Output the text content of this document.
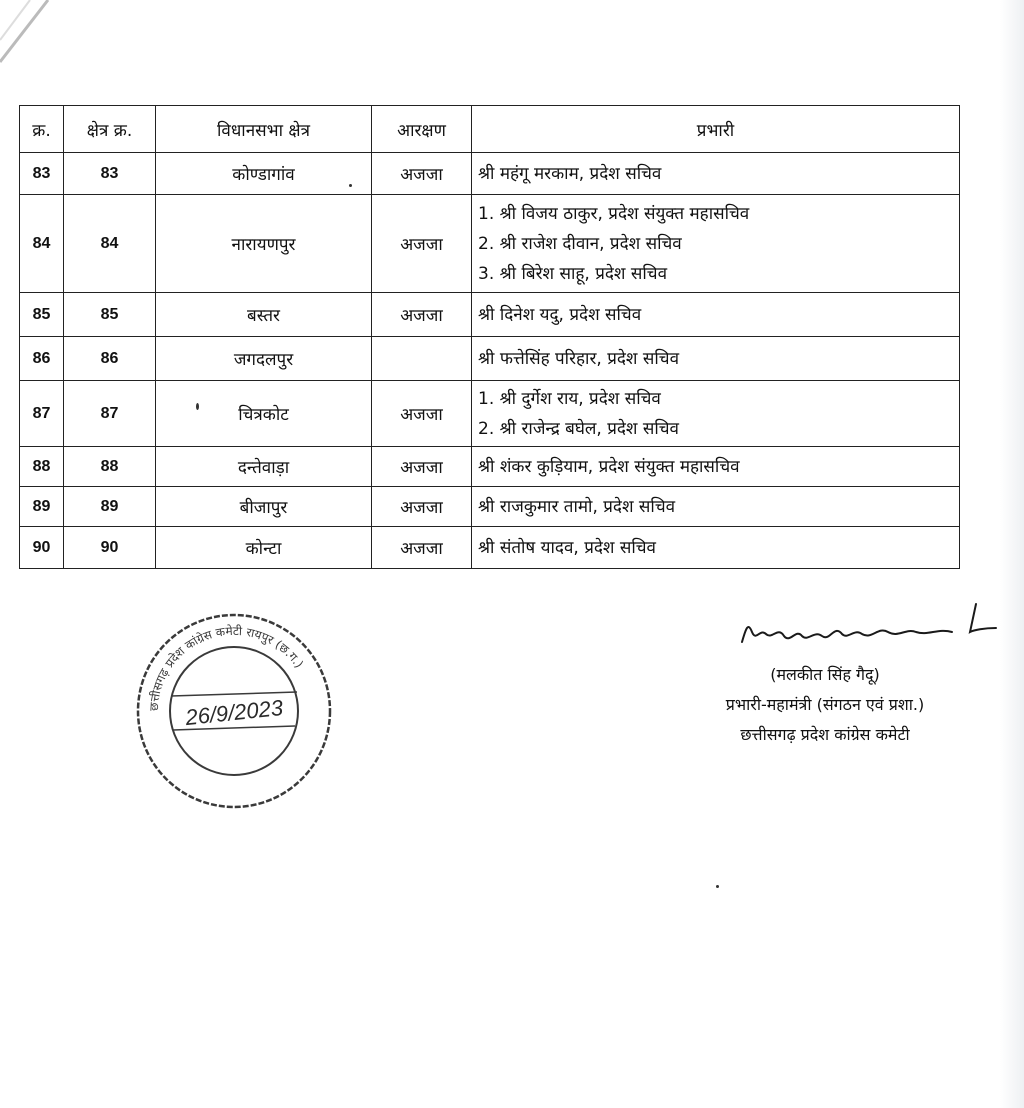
क्र.	क्षेत्र क्र.	विधानसभा क्षेत्र	आरक्षण	प्रभारी
83	83	कोण्डागांव	अजजा	श्री महंगू मरकाम, प्रदेश सचिव

84	84	नारायणपुर	अजजा	1. श्री विजय ठाकुर, प्रदेश संयुक्त महासचिव
2. श्री राजेश दीवान, प्रदेश सचिव
3. श्री बिरेश साहू, प्रदेश सचिव

85	85	बस्तर	अजजा	श्री दिनेश यदु, प्रदेश सचिव

86	86	जगदलपुर		श्री फत्तेसिंह परिहार, प्रदेश सचिव

87	87	चित्रकोट	अजजा	1. श्री दुर्गेश राय, प्रदेश सचिव
2. श्री राजेन्द्र बघेल, प्रदेश सचिव

88	88	दन्तेवाड़ा	अजजा	श्री शंकर कुड़ियाम, प्रदेश संयुक्त महासचिव

89	89	बीजापुर	अजजा	श्री राजकुमार तामो, प्रदेश सचिव

90	90	कोन्टा	अजजा	श्री संतोष यादव, प्रदेश सचिव
छत्तीसगढ़ प्रदेश कांग्रेस कमेटी रायपुर (छ.ग.)
26/9/2023
(मलकीत सिंह गैदू)
प्रभारी-महामंत्री (संगठन एवं प्रशा.)
छत्तीसगढ़ प्रदेश कांग्रेस कमेटी
